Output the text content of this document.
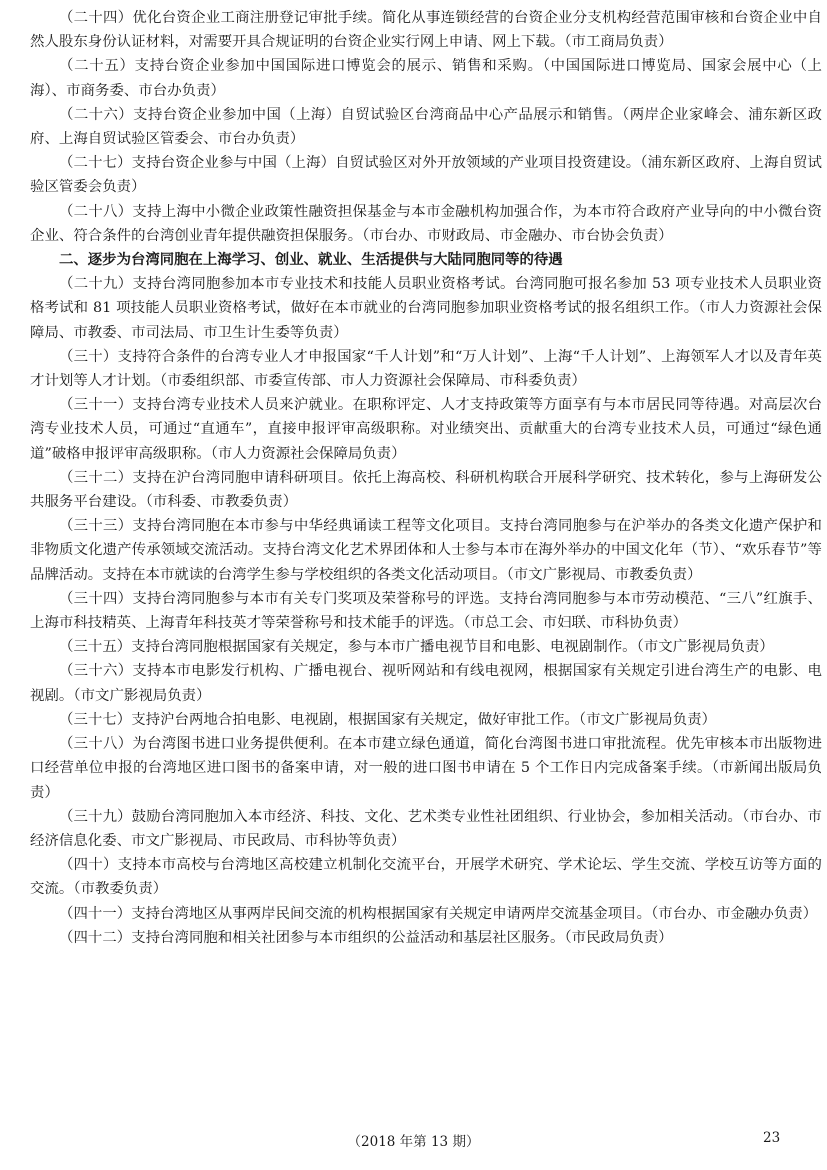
（二十四）优化台资企业工商注册登记审批手续。简化从事连锁经营的台资企业分支机构经营范围审核和台资企业中自然人股东身份认证材料，对需要开具合规证明的台资企业实行网上申请、网上下载。（市工商局负责）

（二十五）支持台资企业参加中国国际进口博览会的展示、销售和采购。（中国国际进口博览局、国家会展中心（上海）、市商务委、市台办负责）

（二十六）支持台资企业参加中国（上海）自贸试验区台湾商品中心产品展示和销售。（两岸企业家峰会、浦东新区政府、上海自贸试验区管委会、市台办负责）

（二十七）支持台资企业参与中国（上海）自贸试验区对外开放领域的产业项目投资建设。（浦东新区政府、上海自贸试验区管委会负责）

（二十八）支持上海中小微企业政策性融资担保基金与本市金融机构加强合作，为本市符合政府产业导向的中小微台资企业、符合条件的台湾创业青年提供融资担保服务。（市台办、市财政局、市金融办、市台协会负责）

二、逐步为台湾同胞在上海学习、创业、就业、生活提供与大陆同胞同等的待遇

（二十九）支持台湾同胞参加本市专业技术和技能人员职业资格考试。台湾同胞可报名参加 53 项专业技术人员职业资格考试和 81 项技能人员职业资格考试，做好在本市就业的台湾同胞参加职业资格考试的报名组织工作。（市人力资源社会保障局、市教委、市司法局、市卫生计生委等负责）

（三十）支持符合条件的台湾专业人才申报国家“千人计划”和“万人计划”、上海“千人计划”、上海领军人才以及青年英才计划等人才计划。（市委组织部、市委宣传部、市人力资源社会保障局、市科委负责）

（三十一）支持台湾专业技术人员来沪就业。在职称评定、人才支持政策等方面享有与本市居民同等待遇。对高层次台湾专业技术人员，可通过“直通车”，直接申报评审高级职称。对业绩突出、贡献重大的台湾专业技术人员，可通过“绿色通道”破格申报评审高级职称。（市人力资源社会保障局负责）

（三十二）支持在沪台湾同胞申请科研项目。依托上海高校、科研机构联合开展科学研究、技术转化，参与上海研发公共服务平台建设。（市科委、市教委负责）

（三十三）支持台湾同胞在本市参与中华经典诵读工程等文化项目。支持台湾同胞参与在沪举办的各类文化遗产保护和非物质文化遗产传承领域交流活动。支持台湾文化艺术界团体和人士参与本市在海外举办的中国文化年（节）、“欢乐春节”等品牌活动。支持在本市就读的台湾学生参与学校组织的各类文化活动项目。（市文广影视局、市教委负责）

（三十四）支持台湾同胞参与本市有关专门奖项及荣誉称号的评选。支持台湾同胞参与本市劳动模范、“三八”红旗手、上海市科技精英、上海青年科技英才等荣誉称号和技术能手的评选。（市总工会、市妇联、市科协负责）

（三十五）支持台湾同胞根据国家有关规定，参与本市广播电视节目和电影、电视剧制作。（市文广影视局负责）

（三十六）支持本市电影发行机构、广播电视台、视听网站和有线电视网，根据国家有关规定引进台湾生产的电影、电视剧。（市文广影视局负责）

（三十七）支持沪台两地合拍电影、电视剧，根据国家有关规定，做好审批工作。（市文广影视局负责）

（三十八）为台湾图书进口业务提供便利。在本市建立绿色通道，简化台湾图书进口审批流程。优先审核本市出版物进口经营单位申报的台湾地区进口图书的备案申请，对一般的进口图书申请在 5 个工作日内完成备案手续。（市新闻出版局负责）

（三十九）鼓励台湾同胞加入本市经济、科技、文化、艺术类专业性社团组织、行业协会，参加相关活动。（市台办、市经济信息化委、市文广影视局、市民政局、市科协等负责）

（四十）支持本市高校与台湾地区高校建立机制化交流平台，开展学术研究、学术论坛、学生交流、学校互访等方面的交流。（市教委负责）

（四十一）支持台湾地区从事两岸民间交流的机构根据国家有关规定申请两岸交流基金项目。（市台办、市金融办负责）

（四十二）支持台湾同胞和相关社团参与本市组织的公益活动和基层社区服务。（市民政局负责）

（2018 年第 13 期）	23
